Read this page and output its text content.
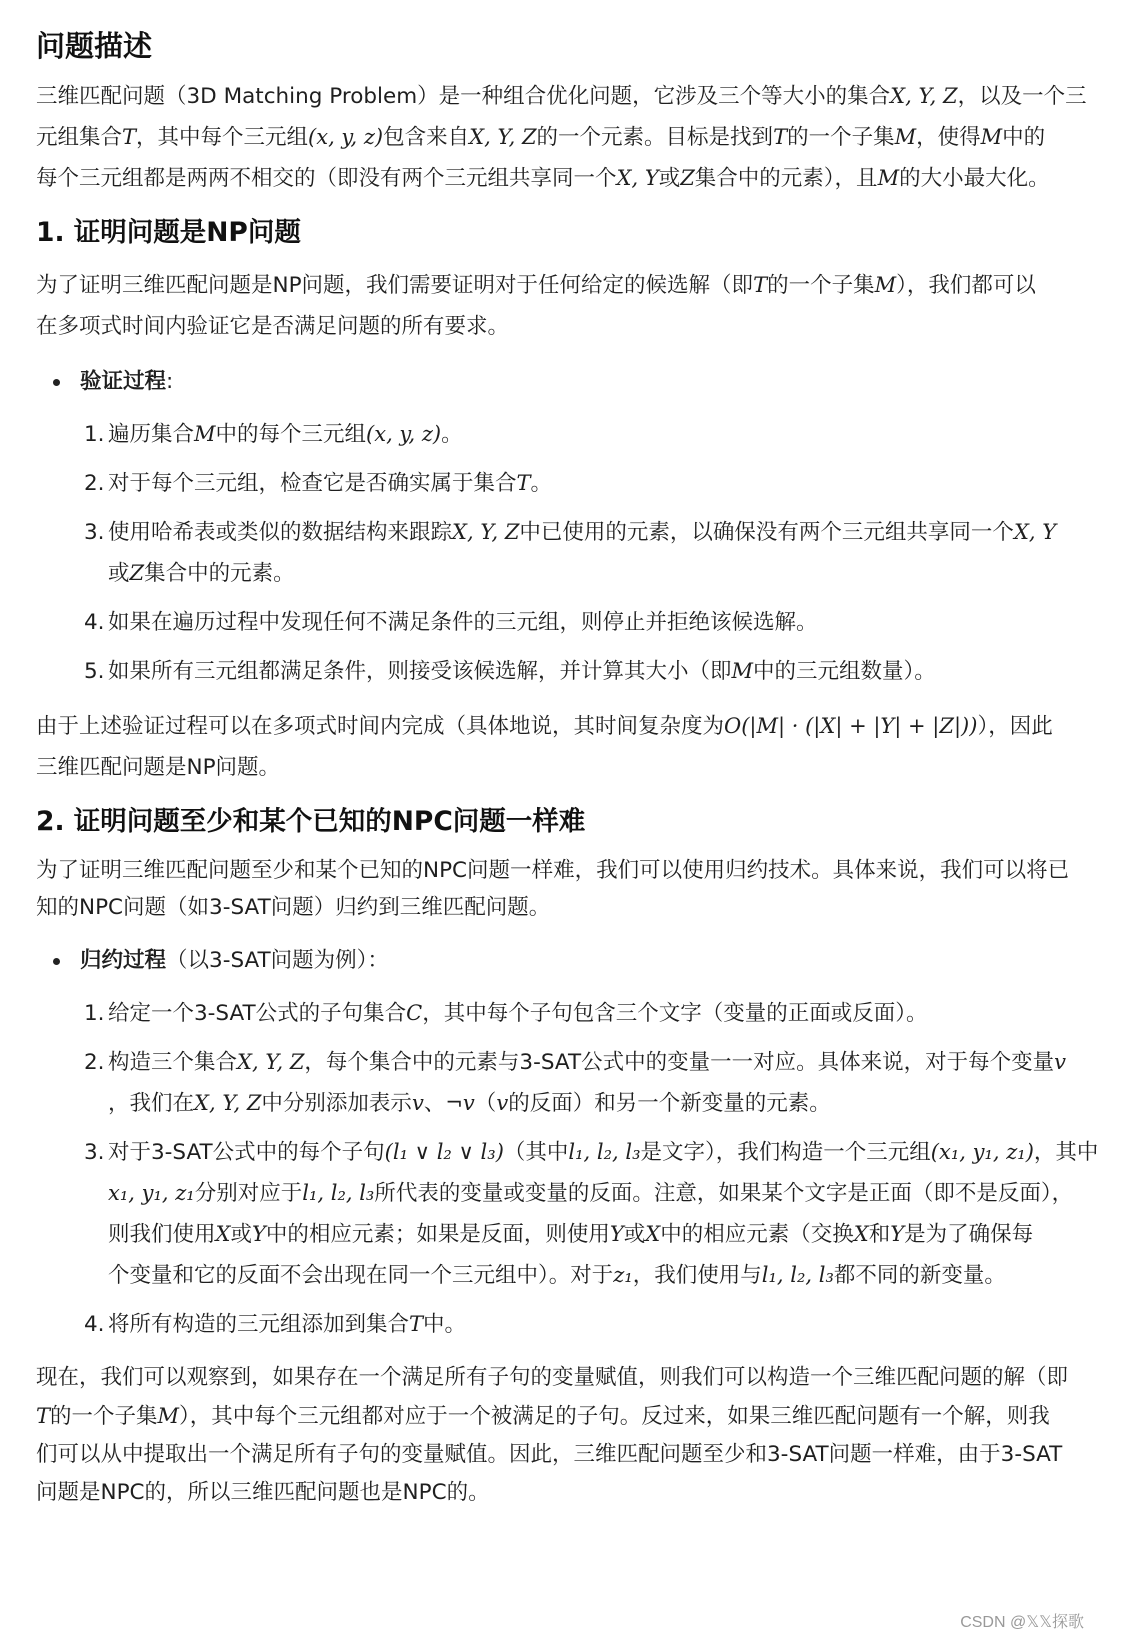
问题描述

三维匹配问题（3D Matching Problem）是一种组合优化问题，它涉及三个等大小的集合X, Y, Z，以及一个三
元组集合T，其中每个三元组(x, y, z)包含来自X, Y, Z的一个元素。目标是找到T的一个子集M，使得M中的
每个三元组都是两两不相交的（即没有两个三元组共享同一个X, Y或Z集合中的元素），且M的大小最大化。

1. 证明问题是NP问题

为了证明三维匹配问题是NP问题，我们需要证明对于任何给定的候选解（即T的一个子集M），我们都可以
在多项式时间内验证它是否满足问题的所有要求。

验证过程:
1. 遍历集合M中的每个三元组(x, y, z)。
2. 对于每个三元组，检查它是否确实属于集合T。
3. 使用哈希表或类似的数据结构来跟踪X, Y, Z中已使用的元素，以确保没有两个三元组共享同一个X, Y
或Z集合中的元素。
4. 如果在遍历过程中发现任何不满足条件的三元组，则停止并拒绝该候选解。
5. 如果所有三元组都满足条件，则接受该候选解，并计算其大小（即M中的三元组数量）。

由于上述验证过程可以在多项式时间内完成（具体地说，其时间复杂度为O(|M| · (|X| + |Y| + |Z|))），因此
三维匹配问题是NP问题。

2. 证明问题至少和某个已知的NPC问题一样难

为了证明三维匹配问题至少和某个已知的NPC问题一样难，我们可以使用归约技术。具体来说，我们可以将已
知的NPC问题（如3-SAT问题）归约到三维匹配问题。

归约过程（以3-SAT问题为例）：
1. 给定一个3-SAT公式的子句集合C，其中每个子句包含三个文字（变量的正面或反面）。
2. 构造三个集合X, Y, Z，每个集合中的元素与3-SAT公式中的变量一一对应。具体来说，对于每个变量v
，我们在X, Y, Z中分别添加表示v、¬v（v的反面）和另一个新变量的元素。
3. 对于3-SAT公式中的每个子句(l₁ ∨ l₂ ∨ l₃)（其中l₁, l₂, l₃是文字），我们构造一个三元组(x₁, y₁, z₁)，其中
x₁, y₁, z₁分别对应于l₁, l₂, l₃所代表的变量或变量的反面。注意，如果某个文字是正面（即不是反面），
则我们使用X或Y中的相应元素；如果是反面，则使用Y或X中的相应元素（交换X和Y是为了确保每
个变量和它的反面不会出现在同一个三元组中）。对于z₁，我们使用与l₁, l₂, l₃都不同的新变量。
4. 将所有构造的三元组添加到集合T中。

现在，我们可以观察到，如果存在一个满足所有子句的变量赋值，则我们可以构造一个三维匹配问题的解（即
T的一个子集M），其中每个三元组都对应于一个被满足的子句。反过来，如果三维匹配问题有一个解，则我
们可以从中提取出一个满足所有子句的变量赋值。因此，三维匹配问题至少和3-SAT问题一样难，由于3-SAT
问题是NPC的，所以三维匹配问题也是NPC的。

CSDN @𝕏𝕏探歌
